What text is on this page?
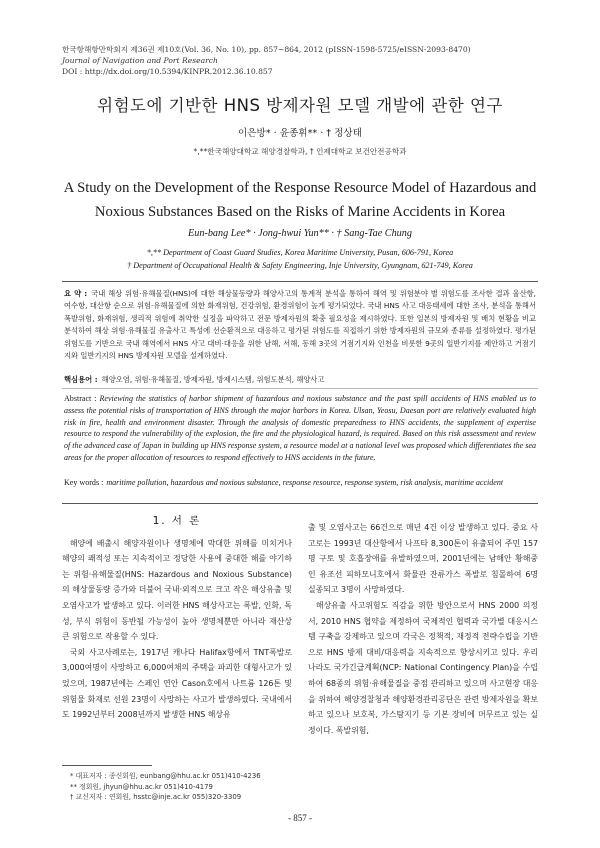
한국항해항만학회지 제36권 제10호(Vol. 36, No. 10), pp. 857~864, 2012 (pISSN-1598-5725/eISSN-2093-8470)
Journal of Navigation and Port Research
DOI : http://dx.doi.org/10.5394/KINPR.2012.36.10.857
위험도에 기반한 HNS 방제자원 모델 개발에 관한 연구
이은방* · 윤종휘** · † 정상태
*,**한국해양대학교 해양경찰학과, † 인제대학교 보건안전공학과
A Study on the Development of the Response Resource Model of Hazardous and Noxious Substances Based on the Risks of Marine Accidents in Korea
Eun-bang Lee* · Jong-hwui Yun** · † Sang-Tae Chung
*,** Department of Coast Guard Studies, Korea Maritime University, Pusan, 606-791, Korea
† Department of Occupational Health & Safety Engineering, Inje University, Gyungnam, 621-749, Korea
요 약 : 국내 해상 위험·유해물질(HNS)에 대한 해상물동량과 해양사고의 통계적 분석을 통하여 해역 및 위험분야 별 위험도를 조사한 결과 울산항, 여수항, 대산항 순으로 위험·유해물질에 의한 화재위험, 건강위험, 환경위험이 높게 평가되었다. 국내 HNS 사고 대응태세에 대한 조사, 분석을 통해서 폭발위험, 화재위험, 생리적 위험에 취약한 실정을 파악하고 전문 방제자원의 확충 필요성을 제시하였다. 또한 일본의 방제자원 및 배치 현황을 비교 분석하여 해상 위험·유해물질 유출사고 특성에 선순환적으로 대응하고 평가된 위험도를 직접하기 위한 방제자원의 규모와 종류를 설정하였다. 평가된 위험도를 기반으로 국내 해역에서 HNS 사고 대비·대응을 위한 남해, 서해, 동해 3곳의 거점기지와 인천을 비롯한 9곳의 일반기지를 제안하고 거점기지와 일반기지의 HNS 방제자원 모델을 설계하였다.
핵심용어 : 해양오염, 위험·유해물질, 방제자원, 방제시스템, 위험도분석, 해양사고
Abstract : Reviewing the statistics of harbor shipment of hazardous and noxious substance and the past spill accidents of HNS enabled us to assess the potential risks of transportation of HNS through the major harbors in Korea. Ulsan, Yeosu, Daesan port are relatively evaluated high risk in fire, health and environment disaster. Through the analysis of domestic preparedness to HNS accidents, the supplement of expertise resource to respond the vulnerability of the explosion, the fire and the physiological hazard, is required. Based on this risk assessment and review of the advanced case of Japan in building up HNS response system, a resource model at a national level was proposed which differentiates the sea areas for the proper allocation of resources to respond effectively to HNS accidents in the future.
Key words : maritime pollution, hazardous and noxious substance, response resource, response system, risk analysis, maritime accident
1. 서 론

해양에 배출시 해양자원이나 생명체에 막대한 위해를 미치거나 해양의 쾌적성 또는 지속적이고 정당한 사용에 중대한 해를 야기하는 위험·유해물질(HNS: Hazardous and Noxious Substance)의 해상물동량 증가와 더불어 국내·외적으로 크고 작은 해상유출 및 오염사고가 발생하고 있다. 이러한 HNS 해상사고는 폭발, 인화, 독성, 부식 위험이 동반될 가능성이 높아 생명체뿐만 아니라 재산상 큰 위험으로 작용할 수 있다.

국외 사고사례로는, 1917년 캐나다 Halifax항에서 TNT폭발로 3,000여명이 사망하고 6,000여채의 주택을 파괴한 대형사고가 있었으며, 1987년에는 스페인 연안 Cason호에서 나트륨 126톤 및 위험물 화재로 선원 23명이 사망하는 사고가 발생하였다. 국내에서도 1992년부터 2008년까지 발생한 HNS 해상유

출 및 오염사고는 66건으로 매년 4건 이상 발생하고 있다. 중요 사고로는 1993년 대산항에서 나프타 8,300톤이 유출되어 주민 157명 구토 및 호흡장애를 유발하였으며, 2001년에는 남해안 황해중인 유조선 피하모니호에서 화물관 잔류가스 폭발로 침몰하여 6명 실종되고 3명이 사망하였다.

해상유출 사고위험도 직감을 위한 방안으로서 HNS 2000 의정서, 2010 HNS 협약을 제정하여 국제적인 협력과 국가별 대응시스템 구축을 강제하고 있으며 각국은 정책적, 재정적 전략수립을 기반으로 HNS 방제 대비/대응력을 지속적으로 향상시키고 있다. 우리나라도 국가긴급계획(NCP: National Contingency Plan)을 수립하여 68종의 위험·유해물질을 중점 관리하고 있으며 사고현장 대응을 위하여 해양경찰청과 해양환경관리공단은 관련 방제자원을 확보하고 있으나 보호복, 가스탐지기 등 기본 장비에 머무르고 있는 실정이다. 폭발위험,

* 대표저자 : 종신회원, eunbang@hhu.ac.kr 051)410-4236
** 정회원, jhyun@hhu.ac.kr 051)410-4179
† 교신저자 : 연회원, hsstc@inje.ac.kr 055)320-3309
- 857 -
